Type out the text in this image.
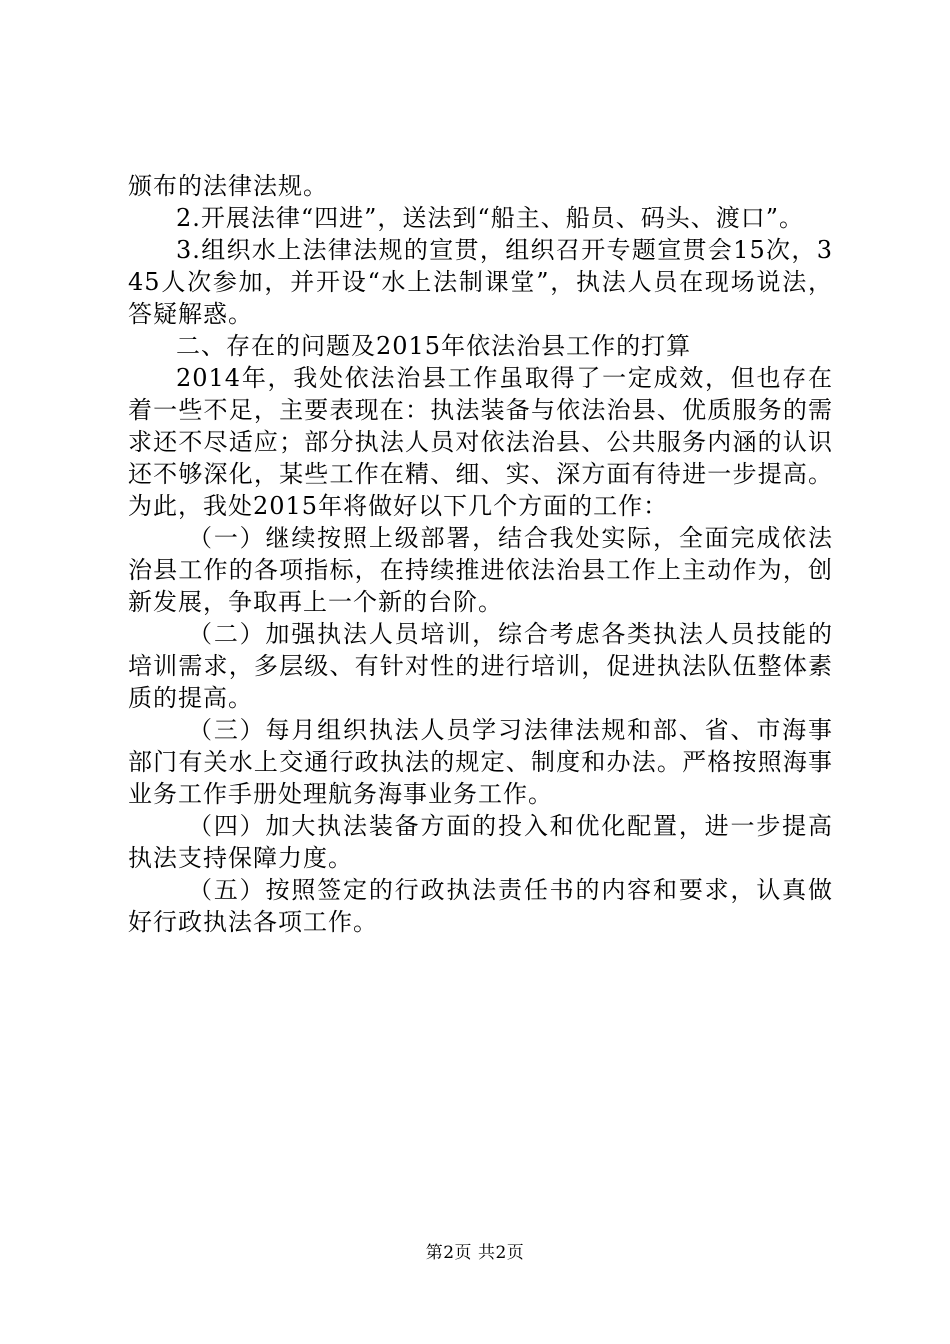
颁布的法律法规。

2.开展法律“四进”，送法到“船主、船员、码头、渡口”。

3.组织水上法律法规的宣贯，组织召开专题宣贯会15次，345人次参加，并开设“水上法制课堂”，执法人员在现场说法，答疑解惑。

二、存在的问题及2015年依法治县工作的打算

2014年，我处依法治县工作虽取得了一定成效，但也存在着一些不足，主要表现在：执法装备与依法治县、优质服务的需求还不尽适应；部分执法人员对依法治县、公共服务内涵的认识还不够深化，某些工作在精、细、实、深方面有待进一步提高。为此，我处2015年将做好以下几个方面的工作：

（一）继续按照上级部署，结合我处实际，全面完成依法治县工作的各项指标，在持续推进依法治县工作上主动作为，创新发展，争取再上一个新的台阶。

（二）加强执法人员培训，综合考虑各类执法人员技能的培训需求，多层级、有针对性的进行培训，促进执法队伍整体素质的提高。

（三）每月组织执法人员学习法律法规和部、省、市海事部门有关水上交通行政执法的规定、制度和办法。严格按照海事业务工作手册处理航务海事业务工作。

（四）加大执法装备方面的投入和优化配置，进一步提高执法支持保障力度。

（五）按照签定的行政执法责任书的内容和要求，认真做好行政执法各项工作。

第2页 共2页
